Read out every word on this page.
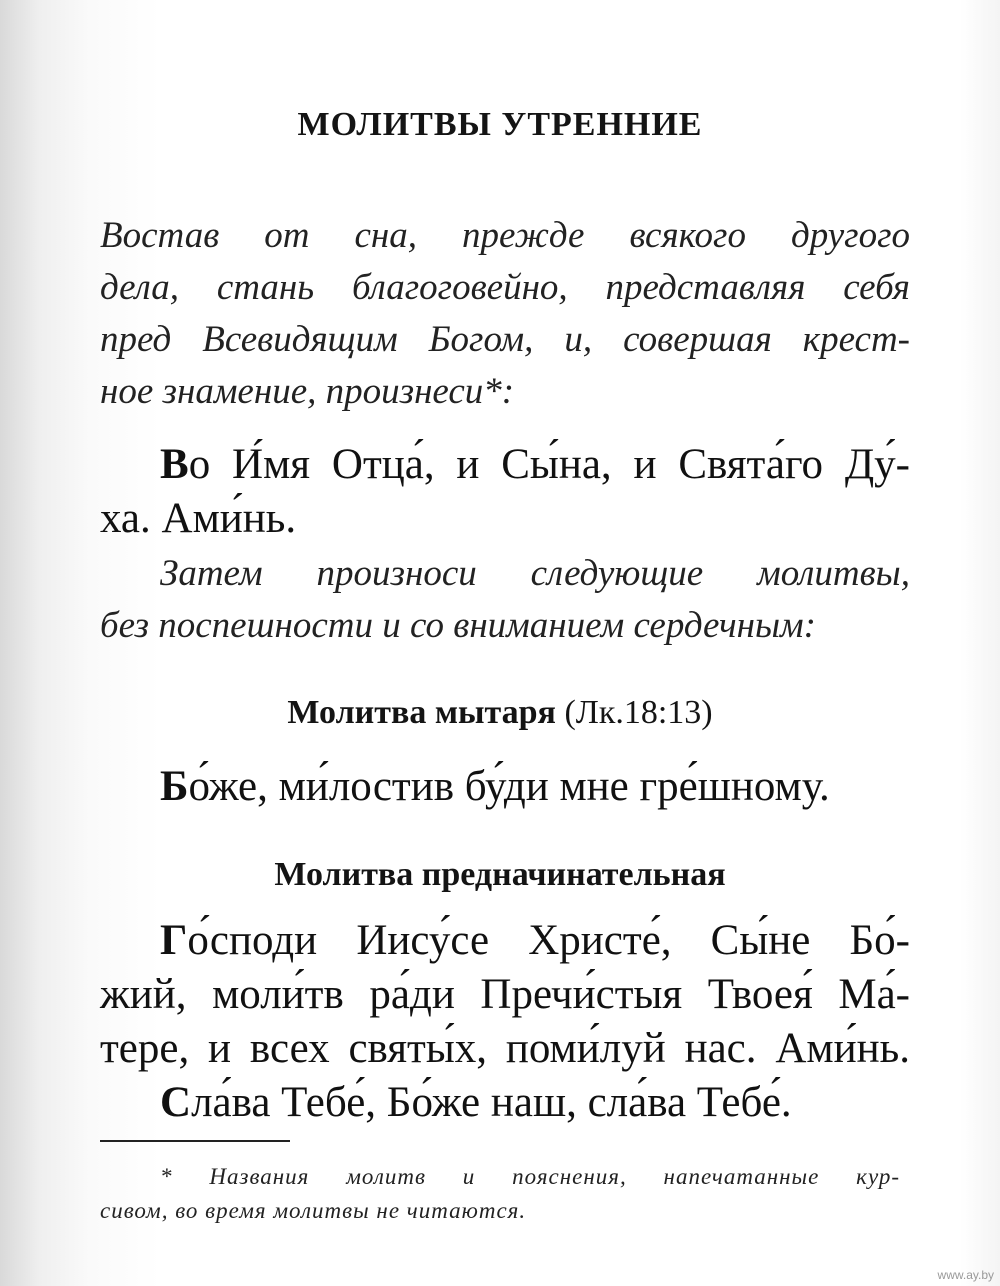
МОЛИТВЫ УТРЕННИЕ
Востав от сна, прежде всякого другого
дела, стань благоговейно, представляя себя
пред Всевидящим Богом, и, совершая крест-
ное знамение, произнеси*:
Во И́мя Отца́, и Сы́на, и Свята́го Ду́-
ха. Ами́нь.
Затем произноси следующие молитвы,
без поспешности и со вниманием сердечным:
Молитва мытаря (Лк.18:13)
Бо́же, ми́лостив бу́ди мне гре́шному.
Молитва предначинательная
Го́споди Иису́се Христе́, Сы́не Бо́-
жий, моли́тв ра́ди Пречи́стыя Твоея́ Ма́-
тере, и всех святы́х, поми́луй нас. Ами́нь.
Сла́ва Тебе́, Бо́же наш, сла́ва Тебе́.
* Названия молитв и пояснения, напечатанные кур-
сивом, во время молитвы не читаются.
www.ay.by
